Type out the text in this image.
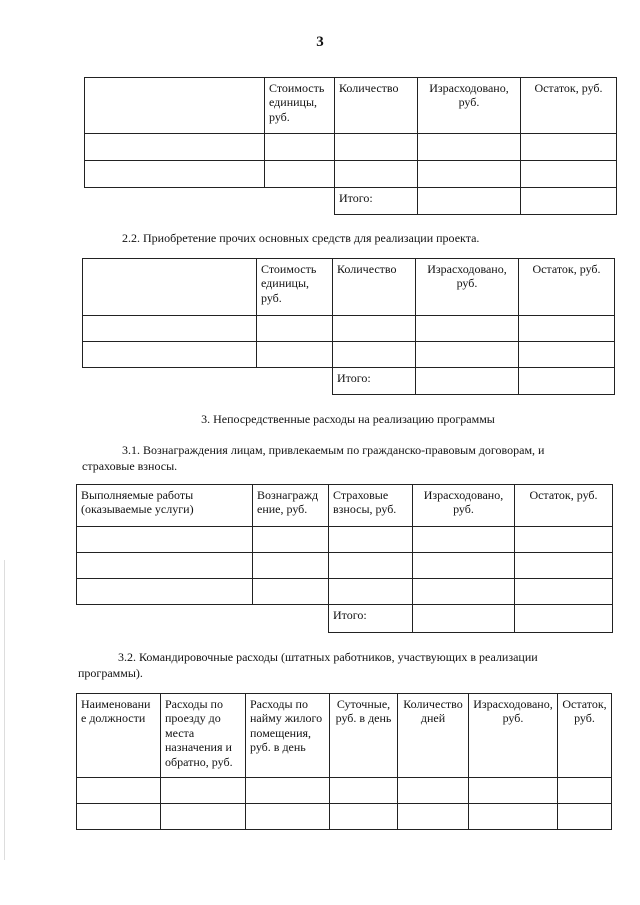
3
	Стоимость единицы, руб.	Количество	Израсходовано, руб.	Остаток, руб.

		Итого:		
2.2. Приобретение прочих основных средств для реализации проекта.
	Стоимость единицы, руб.	Количество	Израсходовано, руб.	Остаток, руб.

		Итого:		
3. Непосредственные расходы на реализацию программы
3.1. Вознаграждения лицам, привлекаемым по гражданско-правовым договорам, и страховые взносы.
Выполняемые работы (оказываемые услуги)	Вознагражд ение, руб.	Страховые взносы, руб.	Израсходовано, руб.	Остаток, руб.

		Итого:		
3.2. Командировочные расходы (штатных работников, участвующих в реализации программы).
Наименовани е должности	Расходы по проезду до места назначения и обратно, руб.	Расходы по найму жилого помещения, руб. в день	Суточные, руб. в день	Количество дней	Израсходовано, руб.	Остаток, руб.
